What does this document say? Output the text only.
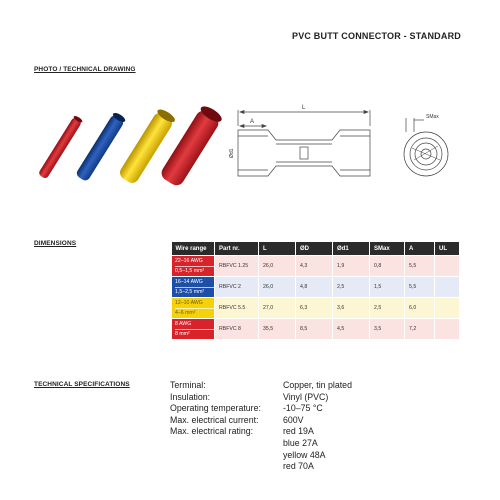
PVC BUTT CONNECTOR - STANDARD
PHOTO / TECHNICAL DRAWING
DIMENSIONS
TECHNICAL SPECIFICATIONS
L
A
Ød1
SMax
Wire range	Part nr.	L	ØD	Ød1	SMax	A	UL

22–16 AWG
0,5–1,5 mm²	RBFVC 1.25	26,0	4,3	1,9	0,8	5,5	

16–14 AWG
1,5–2,5 mm²	RBFVC 2	26,0	4,8	2,5	1,5	5,5	

12–10 AWG
4–6 mm²	RBFVC 5.5	27,0	6,3	3,6	2,5	6,0	

8 AWG
8 mm²	RBFVC 8	35,5	8,5	4,5	3,5	7,2	
Terminal:	Copper, tin plated
Insulation:	Vinyl (PVC)
Operating temperature:	-10–75 °C
Max. electrical current:	600V
Max. electrical rating:	red 19A
blue 27A
yellow 48A
red 70A
